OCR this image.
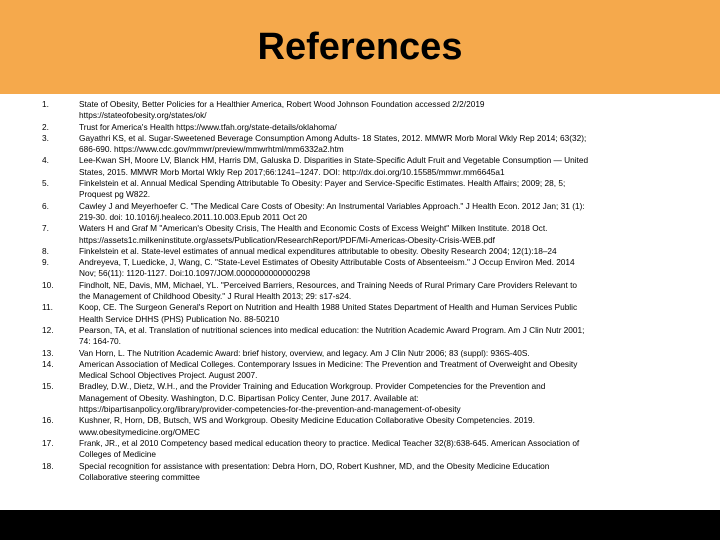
References
1.	State of Obesity, Better Policies for a Healthier America, Robert Wood Johnson Foundation accessed 2/2/2019
https://stateofobesity.org/states/ok/
2.	Trust for America's Health https://www.tfah.org/state-details/oklahoma/
3.	Gayathri KS, et al. Sugar-Sweetened Beverage Consumption Among Adults- 18 States, 2012. MMWR Morb Moral Wkly Rep 2014; 63(32);
686-690. https://www.cdc.gov/mmwr/preview/mmwrhtml/mm6332a2.htm
4.	Lee-Kwan SH, Moore LV, Blanck HM, Harris DM, Galuska D. Disparities in State-Specific Adult Fruit and Vegetable Consumption — United
States, 2015. MMWR Morb Mortal Wkly Rep 2017;66:1241–1247. DOI: http://dx.doi.org/10.15585/mmwr.mm6645a1
5.	Finkelstein et al. Annual Medical Spending Attributable To Obesity: Payer and Service-Specific Estimates. Health Affairs; 2009; 28, 5;
Proquest pg W822.
6.	Cawley J and Meyerhoefer C. "The Medical Care Costs of Obesity: An Instrumental Variables Approach." J Health Econ. 2012 Jan; 31 (1):
219-30. doi: 10.1016/j.healeco.2011.10.003.Epub 2011 Oct 20
7.	Waters H and Graf M "American's Obesity Crisis, The Health and Economic Costs of Excess Weight" Milken Institute. 2018 Oct.
https://assets1c.milkeninstitute.org/assets/Publication/ResearchReport/PDF/Mi-Americas-Obesity-Crisis-WEB.pdf
8.	Finkelstein et al. State-level estimates of annual medical expenditures attributable to obesity. Obesity Research 2004; 12(1):18–24
9.	Andreyeva, T, Luedicke, J, Wang, C. "State-Level Estimates of Obesity Attributable Costs of Absenteeism." J Occup Environ Med. 2014
Nov; 56(11): 1120-1127. Doi:10.1097/JOM.0000000000000298
10.	Findholt, NE, Davis, MM, Michael, YL. "Perceived Barriers, Resources, and Training Needs of Rural Primary Care Providers Relevant to
the Management of Childhood Obesity." J Rural Health 2013; 29: s17-s24.
11.	Koop, CE. The Surgeon General's Report on Nutrition and Health 1988 United States Department of Health and Human Services Public
Health Service DHHS (PHS) Publication No. 88-50210
12.	Pearson, TA, et al. Translation of nutritional sciences into medical education: the Nutrition Academic Award Program. Am J Clin Nutr 2001;
74: 164-70.
13.	Van Horn, L. The Nutrition Academic Award: brief history, overview, and legacy. Am J Clin Nutr 2006; 83 (suppl): 936S-40S.
14.	American Association of Medical Colleges. Contemporary Issues in Medicine: The Prevention and Treatment of Overweight and Obesity
Medical School Objectives Project. August 2007.
15.	Bradley, D.W., Dietz, W.H., and the Provider Training and Education Workgroup. Provider Competencies for the Prevention and
Management of Obesity. Washington, D.C. Bipartisan Policy Center, June 2017. Available at:
https://bipartisanpolicy.org/library/provider-competencies-for-the-prevention-and-management-of-obesity
16.	Kushner, R, Horn, DB, Butsch, WS and Workgroup. Obesity Medicine Education Collaborative Obesity Competencies. 2019.
www.obesitymedicine.org/OMEC
17.	Frank, JR., et al 2010 Competency based medical education theory to practice. Medical Teacher 32(8):638-645. American Association of
Colleges of Medicine
18.	Special recognition for assistance with presentation: Debra Horn, DO, Robert Kushner, MD, and the Obesity Medicine Education
Collaborative steering committee
